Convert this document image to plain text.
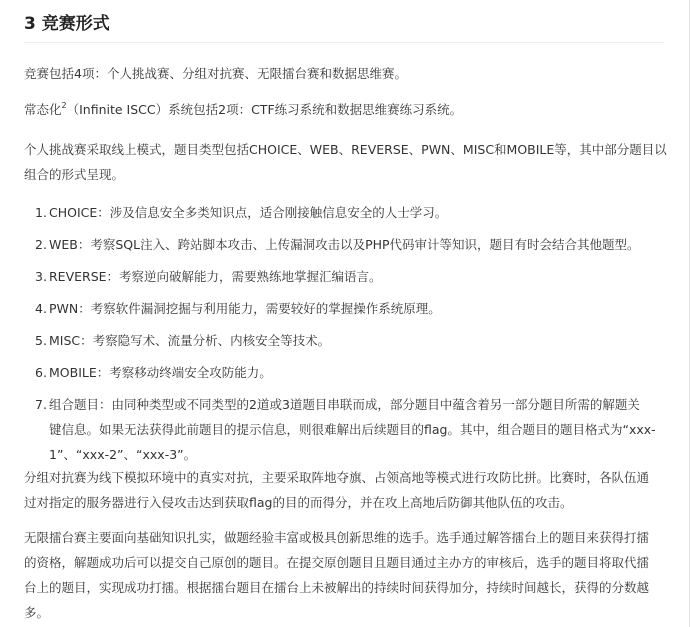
3 竞赛形式
竞赛包括4项：个人挑战赛、分组对抗赛、无限擂台赛和数据思维赛。
常态化$^2$（Infinite ISCC）系统包括2项：CTF练习系统和数据思维赛练习系统。
个人挑战赛采取线上模式，题目类型包括CHOICE、WEB、REVERSE、PWN、MISC和MOBILE等，其中部分题目以
组合的形式呈现。
1. CHOICE：涉及信息安全多类知识点，适合刚接触信息安全的人士学习。
2. WEB：考察SQL注入、跨站脚本攻击、上传漏洞攻击以及PHP代码审计等知识，题目有时会结合其他题型。
3. REVERSE：考察逆向破解能力，需要熟练地掌握汇编语言。
4. PWN：考察软件漏洞挖掘与利用能力，需要较好的掌握操作系统原理。
5. MISC：考察隐写术、流量分析、内核安全等技术。
6. MOBILE：考察移动终端安全攻防能力。
7. 组合题目：由同种类型或不同类型的2道或3道题目串联而成，部分题目中蕴含着另一部分题目所需的解题关
键信息。如果无法获得此前题目的提示信息，则很难解出后续题目的flag。其中，组合题目的题目格式为“xxx-
1”、“xxx-2”、“xxx-3”。
分组对抗赛为线下模拟环境中的真实对抗，主要采取阵地夺旗、占领高地等模式进行攻防比拼。比赛时，各队伍通
过对指定的服务器进行入侵攻击达到获取flag的目的而得分，并在攻上高地后防御其他队伍的攻击。
无限擂台赛主要面向基础知识扎实，做题经验丰富或极具创新思维的选手。选手通过解答擂台上的题目来获得打擂
的资格，解题成功后可以提交自己原创的题目。在提交原创题目且题目通过主办方的审核后，选手的题目将取代擂
台上的题目，实现成功打擂。根据擂台题目在擂台上未被解出的持续时间获得加分，持续时间越长，获得的分数越
多。
